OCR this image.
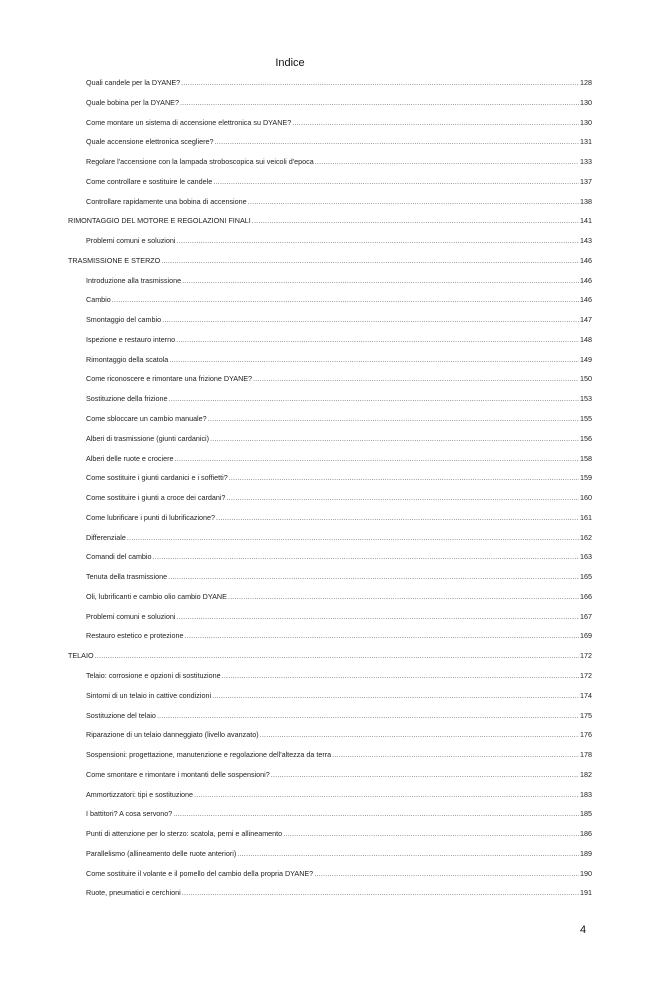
Indice
Quali candele per la DYANE? .....	128
Quale bobina per la DYANE? .....	130
Come montare un sistema di accensione elettronica su DYANE? .....	130
Quale accensione elettronica scegliere? .....	131
Regolare l'accensione con la lampada stroboscopica sui veicoli d'epoca .....	133
Come controllare e sostituire le candele .....	137
Controllare rapidamente una bobina di accensione .....	138
RIMONTAGGIO DEL MOTORE E REGOLAZIONI FINALI .....	141
Problemi comuni e soluzioni .....	143
TRASMISSIONE E STERZO .....	146
Introduzione alla trasmissione .....	146
Cambio .....	146
Smontaggio del cambio .....	147
Ispezione e restauro interno .....	148
Rimontaggio della scatola .....	149
Come riconoscere e rimontare una frizione DYANE? .....	150
Sostituzione della frizione .....	153
Come sbloccare un cambio manuale? .....	155
Alberi di trasmissione (giunti cardanici) .....	156
Alberi delle ruote e crociere .....	158
Come sostituire i giunti cardanici e i soffietti? .....	159
Come sostituire i giunti a croce dei cardani? .....	160
Come lubrificare i punti di lubrificazione? .....	161
Differenziale .....	162
Comandi del cambio .....	163
Tenuta della trasmissione .....	165
Oli, lubrificanti e cambio olio cambio DYANE .....	166
Problemi comuni e soluzioni .....	167
Restauro estetico e protezione .....	169
TELAIO .....	172
Telaio: corrosione e opzioni di sostituzione .....	172
Sintomi di un telaio in cattive condizioni .....	174
Sostituzione del telaio .....	175
Riparazione di un telaio danneggiato (livello avanzato) .....	176
Sospensioni: progettazione, manutenzione e regolazione dell'altezza da terra .....	178
Come smontare e rimontare i montanti delle sospensioni? .....	182
Ammortizzatori: tipi e sostituzione .....	183
I battitori? A cosa servono? .....	185
Punti di attenzione per lo sterzo: scatola, perni e allineamento .....	186
Parallelismo (allineamento delle ruote anteriori) .....	189
Come sostituire il volante e il pomello del cambio della propria DYANE? .....	190
Ruote, pneumatici e cerchioni .....	191
4
